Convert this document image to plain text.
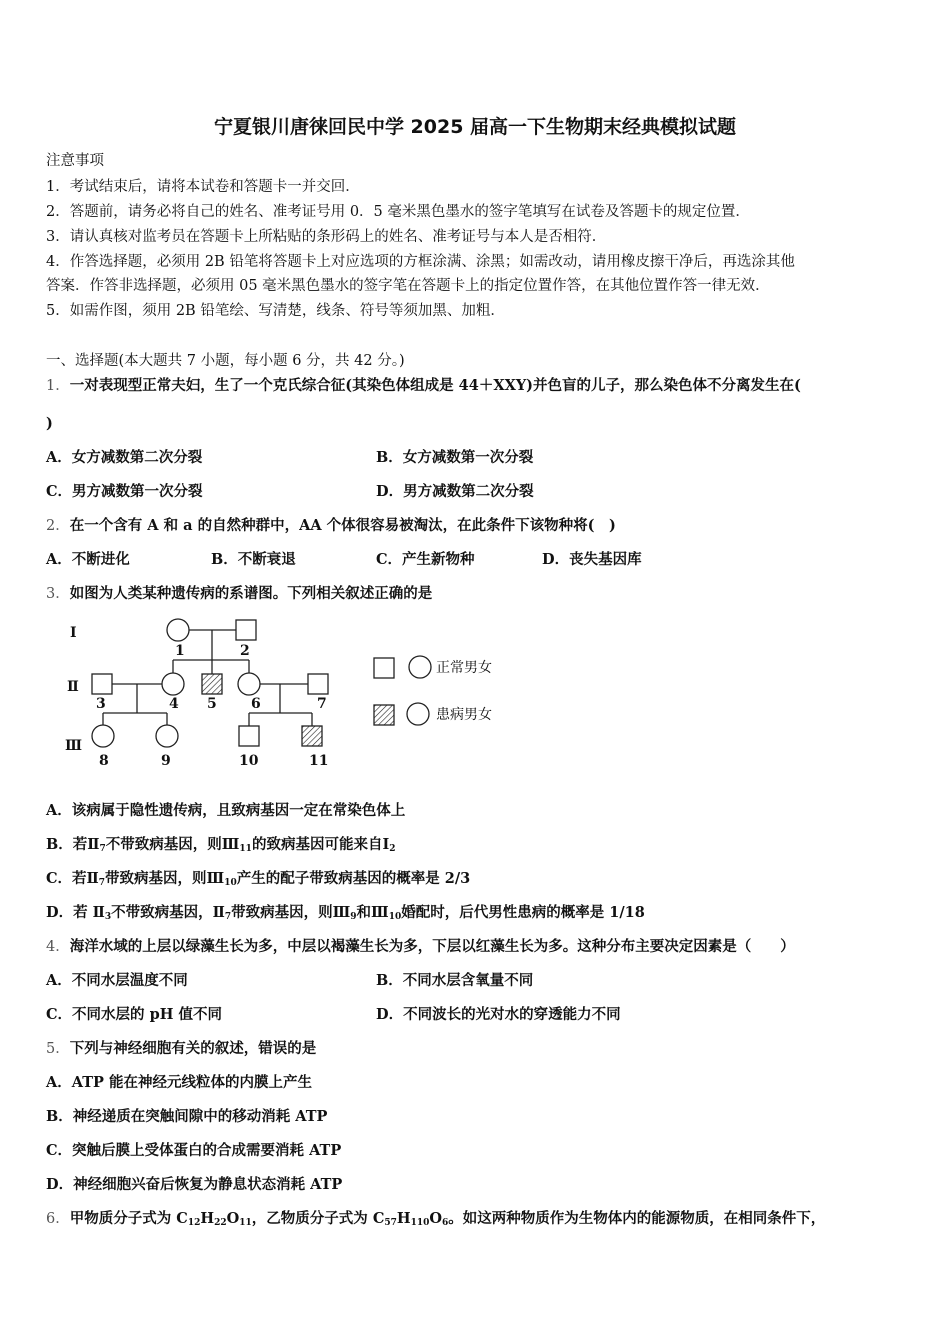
宁夏银川唐徕回民中学 2025 届高一下生物期末经典模拟试题
注意事项
1．考试结束后，请将本试卷和答题卡一并交回．
2．答题前，请务必将自己的姓名、准考证号用 0．5 毫米黑色墨水的签字笔填写在试卷及答题卡的规定位置．
3．请认真核对监考员在答题卡上所粘贴的条形码上的姓名、准考证号与本人是否相符．
4．作答选择题，必须用 2B 铅笔将答题卡上对应选项的方框涂满、涂黑；如需改动，请用橡皮擦干净后，再选涂其他
答案．作答非选择题，必须用 05 毫米黑色墨水的签字笔在答题卡上的指定位置作答，在其他位置作答一律无效．
5．如需作图，须用 2B 铅笔绘、写清楚，线条、符号等须加黑、加粗．
一、选择题(本大题共 7 小题，每小题 6 分，共 42 分。)
1．一对表现型正常夫妇，生了一个克氏综合征(其染色体组成是 44＋XXY)并色盲的儿子，那么染色体不分离发生在(
)
A．女方减数第二次分裂	B．女方减数第一次分裂
C．男方减数第一次分裂	D．男方减数第二次分裂
2．在一个含有 A 和 a 的自然种群中，AA 个体很容易被淘汰，在此条件下该物种将(　)
A．不断进化	B．不断衰退	C．产生新物种	D．丧失基因库
3．如图为人类某种遗传病的系谱图。下列相关叙述正确的是
Ⅰ
Ⅱ
Ⅲ
1	2
3	4 5 6	7
8	9	10	11
正常男女
患病男女
A．该病属于隐性遗传病，且致病基因一定在常染色体上
B．若$Ⅱ_7$不带致病基因，则$Ⅲ_{11}$的致病基因可能来自$Ⅰ_2$
C．若$Ⅱ_7$带致病基因，则$Ⅲ_{10}$产生的配子带致病基因的概率是 2/3
D．若 $Ⅱ_3$不带致病基因，$Ⅱ_7$带致病基因，则$Ⅲ_9$和$Ⅲ_{10}$婚配时，后代男性患病的概率是 1/18
4．海洋水域的上层以绿藻生长为多，中层以褐藻生长为多，下层以红藻生长为多。这种分布主要决定因素是（　　）
A．不同水层温度不同	B．不同水层含氧量不同
C．不同水层的 pH 值不同	D．不同波长的光对水的穿透能力不同
5．下列与神经细胞有关的叙述，错误的是
A．ATP 能在神经元线粒体的内膜上产生
B．神经递质在突触间隙中的移动消耗 ATP
C．突触后膜上受体蛋白的合成需要消耗 ATP
D．神经细胞兴奋后恢复为静息状态消耗 ATP
6．甲物质分子式为 $C_{12}H_{22}O_{11}$，乙物质分子式为 $C_{57}H_{110}O_6$。如这两种物质作为生物体内的能源物质，在相同条件下，
